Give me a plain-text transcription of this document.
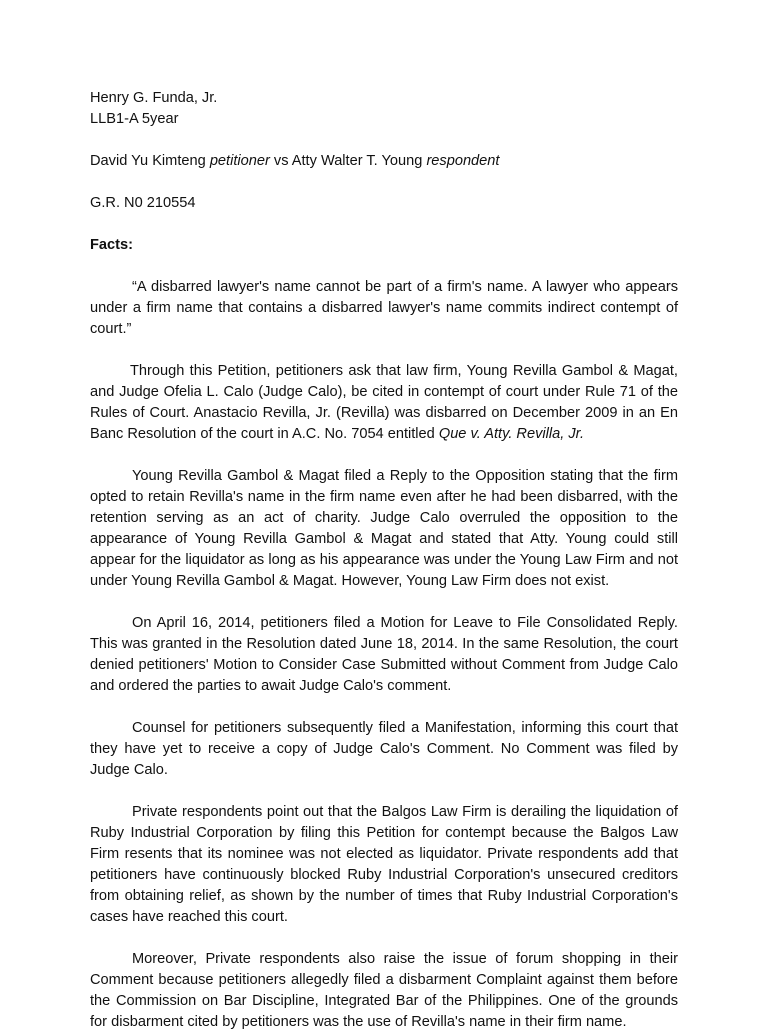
Henry G. Funda, Jr.

LLB1-A 5year

David Yu Kimteng petitioner vs Atty Walter T. Young respondent

G.R. N0 210554

Facts:

“A disbarred lawyer's name cannot be part of a firm's name. A lawyer who appears under a firm name that contains a disbarred lawyer's name commits indirect contempt of court.”

Through this Petition, petitioners ask that law firm, Young Revilla Gambol & Magat, and Judge Ofelia L. Calo (Judge Calo), be cited in contempt of court under Rule 71 of the Rules of Court. Anastacio Revilla, Jr. (Revilla) was disbarred on December 2009 in an En Banc Resolution of the court in A.C. No. 7054 entitled Que v. Atty. Revilla, Jr.

Young Revilla Gambol & Magat filed a Reply to the Opposition stating that the firm opted to retain Revilla's name in the firm name even after he had been disbarred, with the retention serving as an act of charity. Judge Calo overruled the opposition to the appearance of Young Revilla Gambol & Magat and stated that Atty. Young could still appear for the liquidator as long as his appearance was under the Young Law Firm and not under Young Revilla Gambol & Magat. However, Young Law Firm does not exist.

On April 16, 2014, petitioners filed a Motion for Leave to File Consolidated Reply. This was granted in the Resolution dated June 18, 2014. In the same Resolution, the court denied petitioners' Motion to Consider Case Submitted without Comment from Judge Calo and ordered the parties to await Judge Calo's comment.

Counsel for petitioners subsequently filed a Manifestation, informing this court that they have yet to receive a copy of Judge Calo's Comment. No Comment was filed by Judge Calo.

Private respondents point out that the Balgos Law Firm is derailing the liquidation of Ruby Industrial Corporation by filing this Petition for contempt because the Balgos Law Firm resents that its nominee was not elected as liquidator. Private respondents add that petitioners have continuously blocked Ruby Industrial Corporation's unsecured creditors from obtaining relief, as shown by the number of times that Ruby Industrial Corporation's cases have reached this court.

Moreover, Private respondents also raise the issue of forum shopping in their Comment because petitioners allegedly filed a disbarment Complaint against them before the Commission on Bar Discipline, Integrated Bar of the Philippines. One of the grounds for disbarment cited by petitioners was the use of Revilla's name in their firm name.
